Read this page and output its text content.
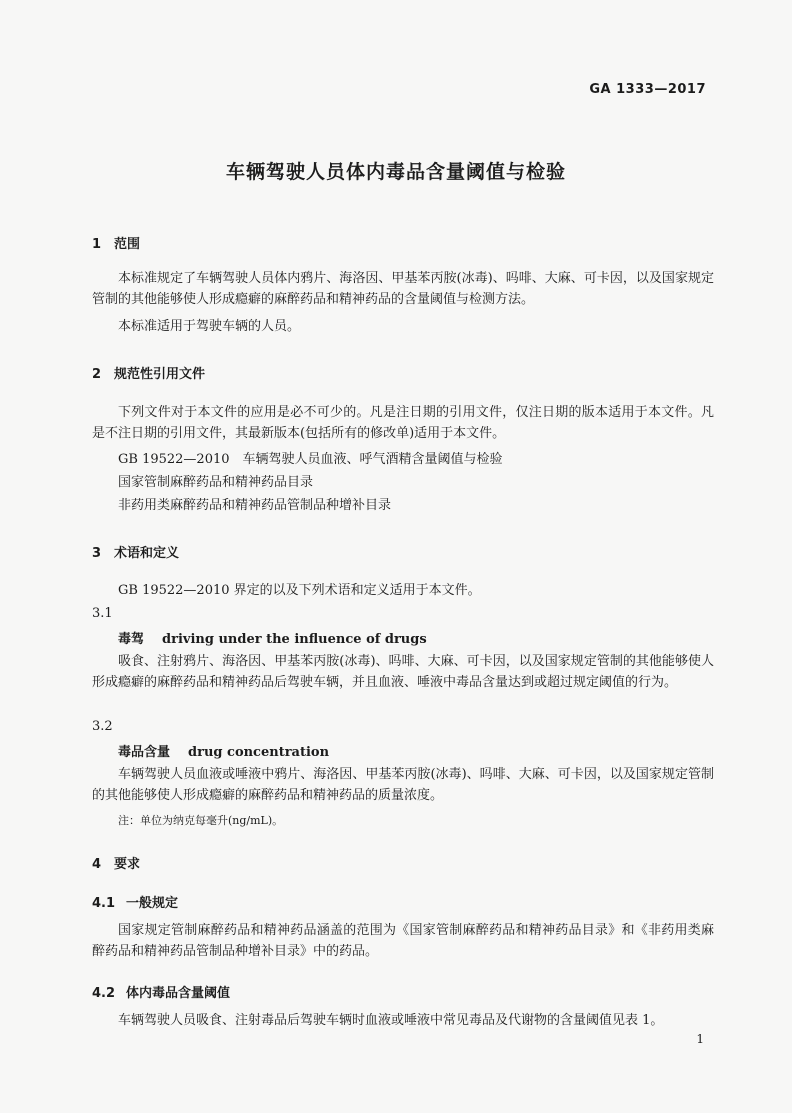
GA 1333—2017
车辆驾驶人员体内毒品含量阈值与检验
1 范围
本标准规定了车辆驾驶人员体内鸦片、海洛因、甲基苯丙胺(冰毒)、吗啡、大麻、可卡因，以及国家规定管制的其他能够使人形成瘾癖的麻醉药品和精神药品的含量阈值与检测方法。
本标准适用于驾驶车辆的人员。
2 规范性引用文件
下列文件对于本文件的应用是必不可少的。凡是注日期的引用文件，仅注日期的版本适用于本文件。凡是不注日期的引用文件，其最新版本(包括所有的修改单)适用于本文件。
GB 19522—2010　车辆驾驶人员血液、呼气酒精含量阈值与检验
国家管制麻醉药品和精神药品目录
非药用类麻醉药品和精神药品管制品种增补目录
3 术语和定义
GB 19522—2010 界定的以及下列术语和定义适用于本文件。
3.1
毒驾 driving under the influence of drugs
吸食、注射鸦片、海洛因、甲基苯丙胺(冰毒)、吗啡、大麻、可卡因，以及国家规定管制的其他能够使人形成瘾癖的麻醉药品和精神药品后驾驶车辆，并且血液、唾液中毒品含量达到或超过规定阈值的行为。
3.2
毒品含量 drug concentration
车辆驾驶人员血液或唾液中鸦片、海洛因、甲基苯丙胺(冰毒)、吗啡、大麻、可卡因，以及国家规定管制的其他能够使人形成瘾癖的麻醉药品和精神药品的质量浓度。
注：单位为纳克每毫升(ng/mL)。
4 要求
4.1 一般规定
国家规定管制麻醉药品和精神药品涵盖的范围为《国家管制麻醉药品和精神药品目录》和《非药用类麻醉药品和精神药品管制品种增补目录》中的药品。
4.2 体内毒品含量阈值
车辆驾驶人员吸食、注射毒品后驾驶车辆时血液或唾液中常见毒品及代谢物的含量阈值见表 1。
1
